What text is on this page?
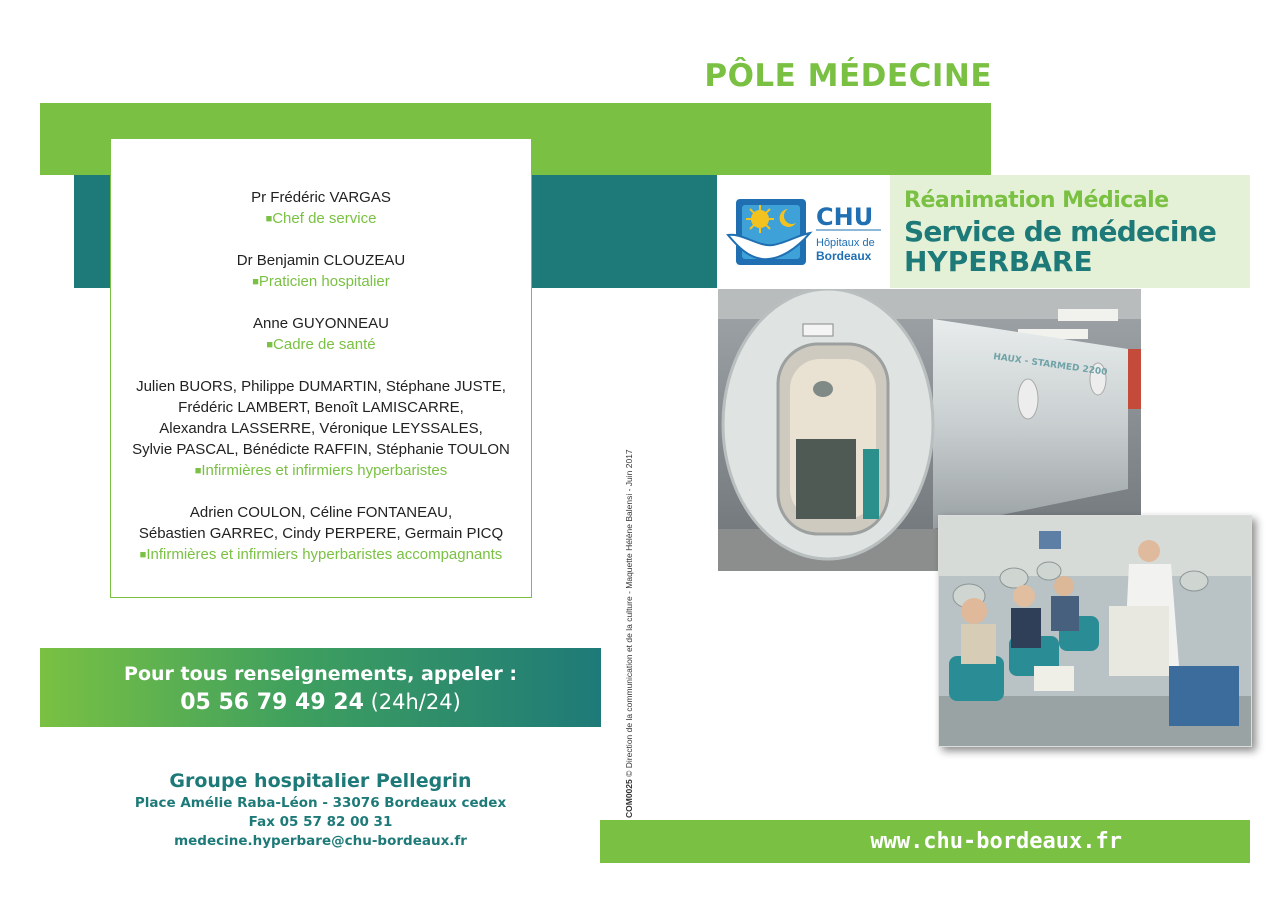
PÔLE MÉDECINE
Pr Frédéric VARGAS
■ Chef de service
Dr Benjamin CLOUZEAU
■ Praticien hospitalier
Anne GUYONNEAU
■ Cadre de santé
Julien BUORS, Philippe DUMARTIN, Stéphane JUSTE,
Frédéric LAMBERT, Benoît LAMISCARRE,
Alexandra LASSERRE, Véronique LEYSSALES,
Sylvie PASCAL, Bénédicte RAFFIN, Stéphanie TOULON
■ Infirmières et infirmiers hyperbaristes
Adrien COULON, Céline FONTANEAU,
Sébastien GARREC, Cindy PERPERE, Germain PICQ
■ Infirmières et infirmiers hyperbaristes accompagnants
CHU
Hôpitaux de
Bordeaux
Réanimation Médicale
Service de médecine
HYPERBARE
HAUX - STARMED 2200
COM0025 © Direction de la communication et de la culture - Maquette Hélène Balensi - Juin 2017
Pour tous renseignements, appeler :
05 56 79 49 24 (24h/24)
Groupe hospitalier Pellegrin
Place Amélie Raba-Léon - 33076 Bordeaux cedex
Fax 05 57 82 00 31
medecine.hyperbare@chu-bordeaux.fr	www.chu-bordeaux.fr
